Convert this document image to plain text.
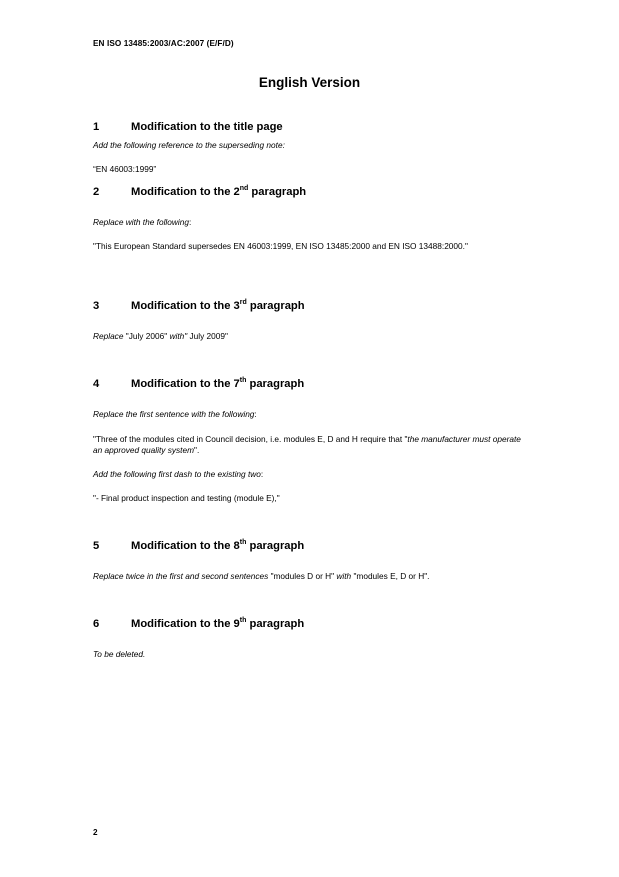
EN ISO 13485:2003/AC:2007 (E/F/D)
English Version
1	Modification to the title page
Add the following reference to the superseding note:
“EN 46003:1999”
2	Modification to the 2nd paragraph
Replace with the following:
"This European Standard supersedes EN 46003:1999, EN ISO 13485:2000 and EN ISO 13488:2000."
3	Modification to the 3rd paragraph
Replace "July 2006" with" July 2009"
4	Modification to the 7th paragraph
Replace the first sentence with the following:
"Three of the modules cited in Council decision, i.e. modules E, D and H require that "the manufacturer must operate an approved quality system".
Add the following first dash to the existing two:
"- Final product inspection and testing (module E),"
5	Modification to the 8th paragraph
Replace twice in the first and second sentences "modules D or H" with "modules E, D or H".
6	Modification to the 9th paragraph
To be deleted.
2
